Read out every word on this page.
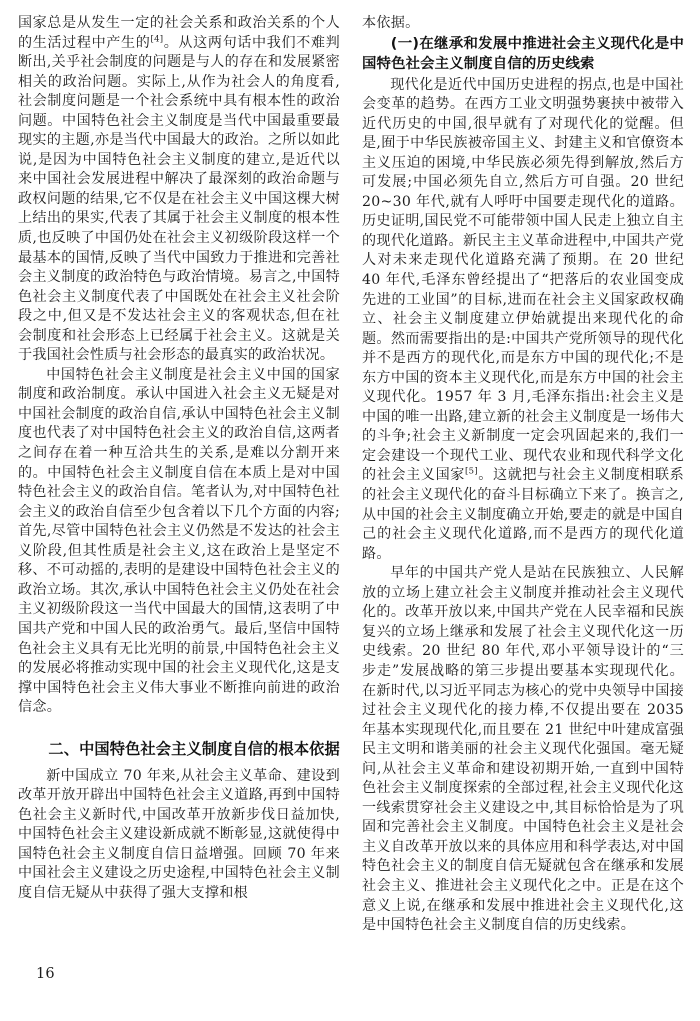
国家总是从发生一定的社会关系和政治关系的个人的生活过程中产生的[4]。从这两句话中我们不难判断出,关乎社会制度的问题是与人的存在和发展紧密相关的政治问题。实际上,从作为社会人的角度看,社会制度问题是一个社会系统中具有根本性的政治问题。中国特色社会主义制度是当代中国最重要最现实的主题,亦是当代中国最大的政治。之所以如此说,是因为中国特色社会主义制度的建立,是近代以来中国社会发展进程中解决了最深刻的政治命题与政权问题的结果,它不仅是在社会主义中国这棵大树上结出的果实,代表了其属于社会主义制度的根本性质,也反映了中国仍处在社会主义初级阶段这样一个最基本的国情,反映了当代中国致力于推进和完善社会主义制度的政治特色与政治情境。易言之,中国特色社会主义制度代表了中国既处在社会主义社会阶段之中,但又是不发达社会主义的客观状态,但在社会制度和社会形态上已经属于社会主义。这就是关于我国社会性质与社会形态的最真实的政治状况。

中国特色社会主义制度是社会主义中国的国家制度和政治制度。承认中国进入社会主义无疑是对中国社会制度的政治自信,承认中国特色社会主义制度也代表了对中国特色社会主义的政治自信,这两者之间存在着一种互洽共生的关系,是难以分割开来的。中国特色社会主义制度自信在本质上是对中国特色社会主义的政治自信。笔者认为,对中国特色社会主义的政治自信至少包含着以下几个方面的内容;首先,尽管中国特色社会主义仍然是不发达的社会主义阶段,但其性质是社会主义,这在政治上是坚定不移、不可动摇的,表明的是建设中国特色社会主义的政治立场。其次,承认中国特色社会主义仍处在社会主义初级阶段这一当代中国最大的国情,这表明了中国共产党和中国人民的政治勇气。最后,坚信中国特色社会主义具有无比光明的前景,中国特色社会主义的发展必将推动实现中国的社会主义现代化,这是支撑中国特色社会主义伟大事业不断推向前进的政治信念。

二、中国特色社会主义制度自信的根本依据

新中国成立 70 年来,从社会主义革命、建设到改革开放开辟出中国特色社会主义道路,再到中国特色社会主义新时代,中国改革开放新步伐日益加快,中国特色社会主义建设新成就不断彰显,这就使得中国特色社会主义制度自信日益增强。回顾 70 年来中国社会主义建设之历史途程,中国特色社会主义制度自信无疑从中获得了强大支撑和根

16

本依据。

(一)在继承和发展中推进社会主义现代化是中国特色社会主义制度自信的历史线索

现代化是近代中国历史进程的拐点,也是中国社会变革的趋势。在西方工业文明强势裹挟中被带入近代历史的中国,很早就有了对现代化的觉醒。但是,囿于中华民族被帝国主义、封建主义和官僚资本主义压迫的困境,中华民族必须先得到解放,然后方可发展;中国必须先自立,然后方可自强。20 世纪 20~30 年代,就有人呼吁中国要走现代化的道路。历史证明,国民党不可能带领中国人民走上独立自主的现代化道路。新民主主义革命进程中,中国共产党人对未来走现代化道路充满了预期。在 20 世纪 40 年代,毛泽东曾经提出了“把落后的农业国变成先进的工业国”的目标,进而在社会主义国家政权确立、社会主义制度建立伊始就提出来现代化的命题。然而需要指出的是:中国共产党所领导的现代化并不是西方的现代化,而是东方中国的现代化;不是东方中国的资本主义现代化,而是东方中国的社会主义现代化。1957 年 3 月,毛泽东指出:社会主义是中国的唯一出路,建立新的社会主义制度是一场伟大的斗争;社会主义新制度一定会巩固起来的,我们一定会建设一个现代工业、现代农业和现代科学文化的社会主义国家[5]。这就把与社会主义制度相联系的社会主义现代化的奋斗目标确立下来了。换言之,从中国的社会主义制度确立开始,要走的就是中国自己的社会主义现代化道路,而不是西方的现代化道路。

早年的中国共产党人是站在民族独立、人民解放的立场上建立社会主义制度并推动社会主义现代化的。改革开放以来,中国共产党在人民幸福和民族复兴的立场上继承和发展了社会主义现代化这一历史线索。20 世纪 80 年代,邓小平领导设计的“三步走”发展战略的第三步提出要基本实现现代化。在新时代,以习近平同志为核心的党中央领导中国接过社会主义现代化的接力棒,不仅提出要在 2035 年基本实现现代化,而且要在 21 世纪中叶建成富强民主文明和谐美丽的社会主义现代化强国。毫无疑问,从社会主义革命和建设初期开始,一直到中国特色社会主义制度探索的全部过程,社会主义现代化这一线索贯穿社会主义建设之中,其目标恰恰是为了巩固和完善社会主义制度。中国特色社会主义是社会主义自改革开放以来的具体应用和科学表达,对中国特色社会主义的制度自信无疑就包含在继承和发展社会主义、推进社会主义现代化之中。正是在这个意义上说,在继承和发展中推进社会主义现代化,这是中国特色社会主义制度自信的历史线索。
